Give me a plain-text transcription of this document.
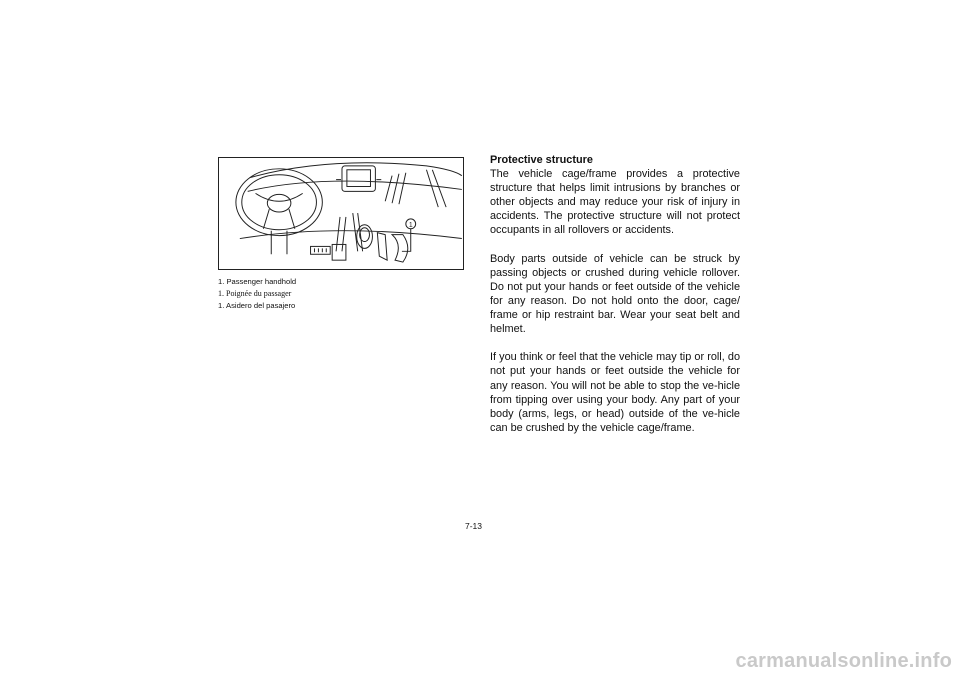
1

1. Passenger handhold

1. Poignée du passager

1. Asidero del pasajero

Protective structure

The vehicle cage/frame provides a protective structure that helps limit intrusions by branches or other objects and may reduce your risk of injury in accidents. The protective structure will not protect occupants in all rollovers or accidents.

Body parts outside of vehicle can be struck by passing objects or crushed during vehicle rollover. Do not put your hands or feet outside of the vehicle for any reason. Do not hold onto the door, cage/ frame or hip restraint bar. Wear your seat belt and helmet.

If you think or feel that the vehicle may tip or roll, do not put your hands or feet outside the vehicle for any reason. You will not be able to stop the ve-hicle from tipping over using your body. Any part of your body (arms, legs, or head) outside of the ve-hicle can be crushed by the vehicle cage/frame.

7-13
carmanualsonline.info
